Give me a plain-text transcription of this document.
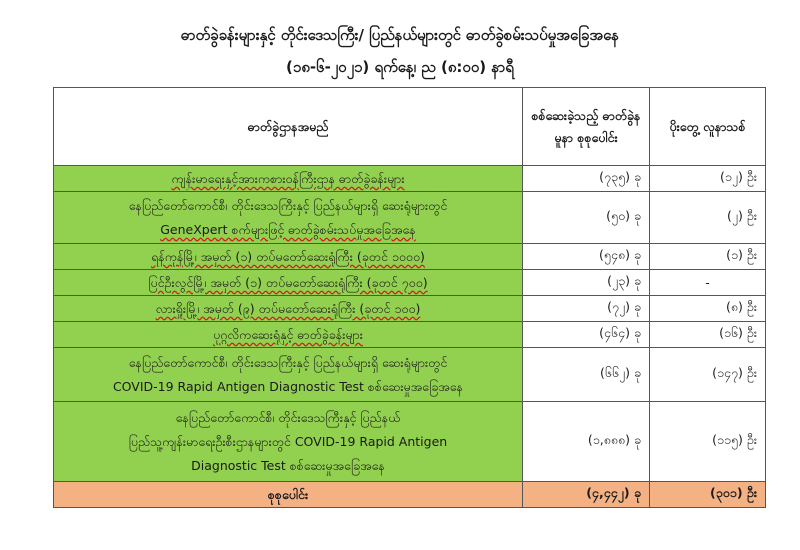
ဓာတ်ခွဲခန်းများနှင့် တိုင်းဒေသကြီး/ ပြည်နယ်များတွင် ဓာတ်ခွဲစမ်းသပ်မှုအခြေအနေ
(၁၈-၆-၂၀၂၁) ရက်နေ့၊ ည (၈:၀၀) နာရီ
ဓာတ်ခွဲဌာနအမည်	စစ်ဆေးခဲ့သည့် ဓာတ်ခွဲနမူနာ စုစုပေါင်း	ပိုးတွေ့ လူနာသစ်
ကျန်းမာရေးနှင့်အားကစားဝန်ကြီးဌာန ဓာတ်ခွဲခန်းများ	(၇၃၅) ခု	(၁၂) ဦး

နေပြည်တော်ကောင်စီ၊ တိုင်းဒေသကြီးနှင့် ပြည်နယ်များရှိ ဆေးရုံများတွင်
GeneXpert စက်များဖြင့် ဓာတ်ခွဲစမ်းသပ်မှုအခြေအနေ	(၅၀) ခု	(၂) ဦး
ရန်ကုန်မြို့၊ အမှတ် (၁) တပ်မတော်ဆေးရုံကြီး (ခုတင် ၁၀၀၀)	(၅၄၈) ခု	(၁) ဦး
ပြင်ဦးလွင်မြို့၊ အမှတ် (၁) တပ်မတော်ဆေးရုံကြီး (ခုတင် ၇၀၀)	(၂၃) ခု	-
လားရှိုးမြို့၊ အမှတ် (၉) တပ်မတော်ဆေးရုံကြီး (ခုတင် ၁၀၀)	(၇၂) ခု	(၈) ဦး
ပုဂ္ဂလိကဆေးရုံနှင့် ဓာတ်ခွဲခန်းများ	(၄၆၄) ခု	(၁၆) ဦး

နေပြည်တော်ကောင်စီ၊ တိုင်းဒေသကြီးနှင့် ပြည်နယ်များရှိ ဆေးရုံများတွင်
COVID-19 Rapid Antigen Diagnostic Test စစ်ဆေးမှုအခြေအနေ	(၆၆၂) ခု	(၁၄၇) ဦး

နေပြည်တော်ကောင်စီ၊ တိုင်းဒေသကြီးနှင့် ပြည်နယ်
ပြည်သူ့ကျန်းမာရေးဦးစီးဌာနများတွင် COVID-19 Rapid Antigen
Diagnostic Test စစ်ဆေးမှုအခြေအနေ	(၁,၈၈၈) ခု	(၁၁၅) ဦး
စုစုပေါင်း	(၄,၄၄၂) ခု	(၃၀၁) ဦး
